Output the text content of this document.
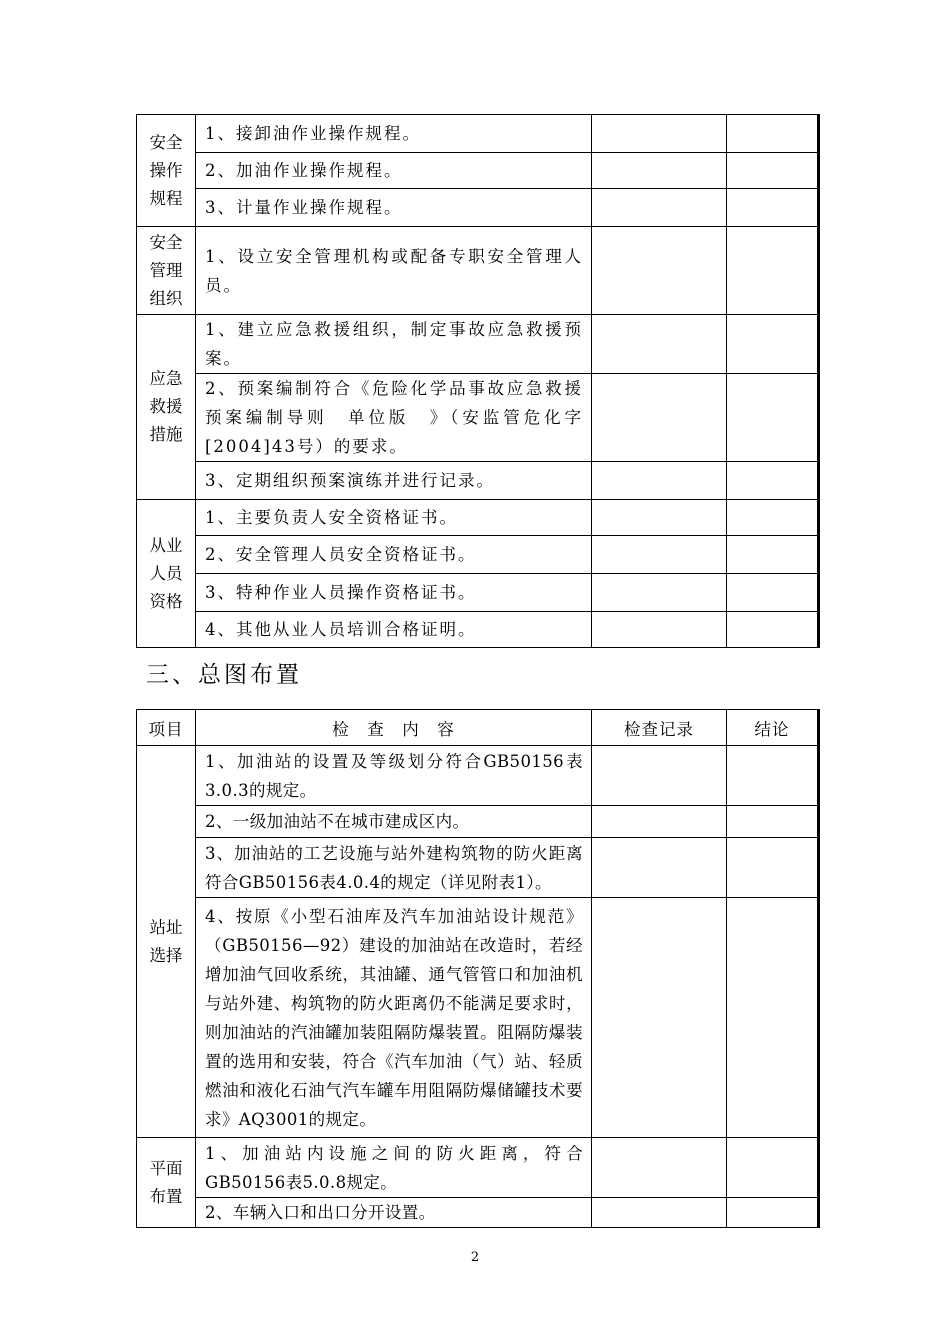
安全
操作
规程	1、接卸油作业操作规程。		
	2、加油作业操作规程。		
	3、计量作业操作规程。		

安全
管理
组织	1、设立安全管理机构或配备专职安全管理人员。		

应急
救援
措施	1、建立应急救援组织，制定事故应急救援预案。		
	2、预案编制符合《危险化学品事故应急救援预案编制导则　单位版　》（安监管危化字[2004]43号）的要求。		
	3、定期组织预案演练并进行记录。		

从业
人员
资格	1、主要负责人安全资格证书。		
	2、安全管理人员安全资格证书。		
	3、特种作业人员操作资格证书。		
	4、其他从业人员培训合格证明。		
三、总图布置
项目	检　查　内　容	检查记录	结论

站址
选择	1、加油站的设置及等级划分符合GB50156表3.0.3的规定。		
	2、一级加油站不在城市建成区内。		
	3、加油站的工艺设施与站外建构筑物的防火距离符合GB50156表4.0.4的规定（详见附表1）。		
	4、按原《小型石油库及汽车加油站设计规范》（GB50156—92）建设的加油站在改造时，若经增加油气回收系统，其油罐、通气管管口和加油机与站外建、构筑物的防火距离仍不能满足要求时，则加油站的汽油罐加装阻隔防爆装置。阻隔防爆装置的选用和安装，符合《汽车加油（气）站、轻质燃油和液化石油气汽车罐车用阻隔防爆储罐技术要求》AQ3001的规定。		

平面
布置	1、加油站内设施之间的防火距离，符合GB50156表5.0.8规定。		
	2、车辆入口和出口分开设置。		
2
